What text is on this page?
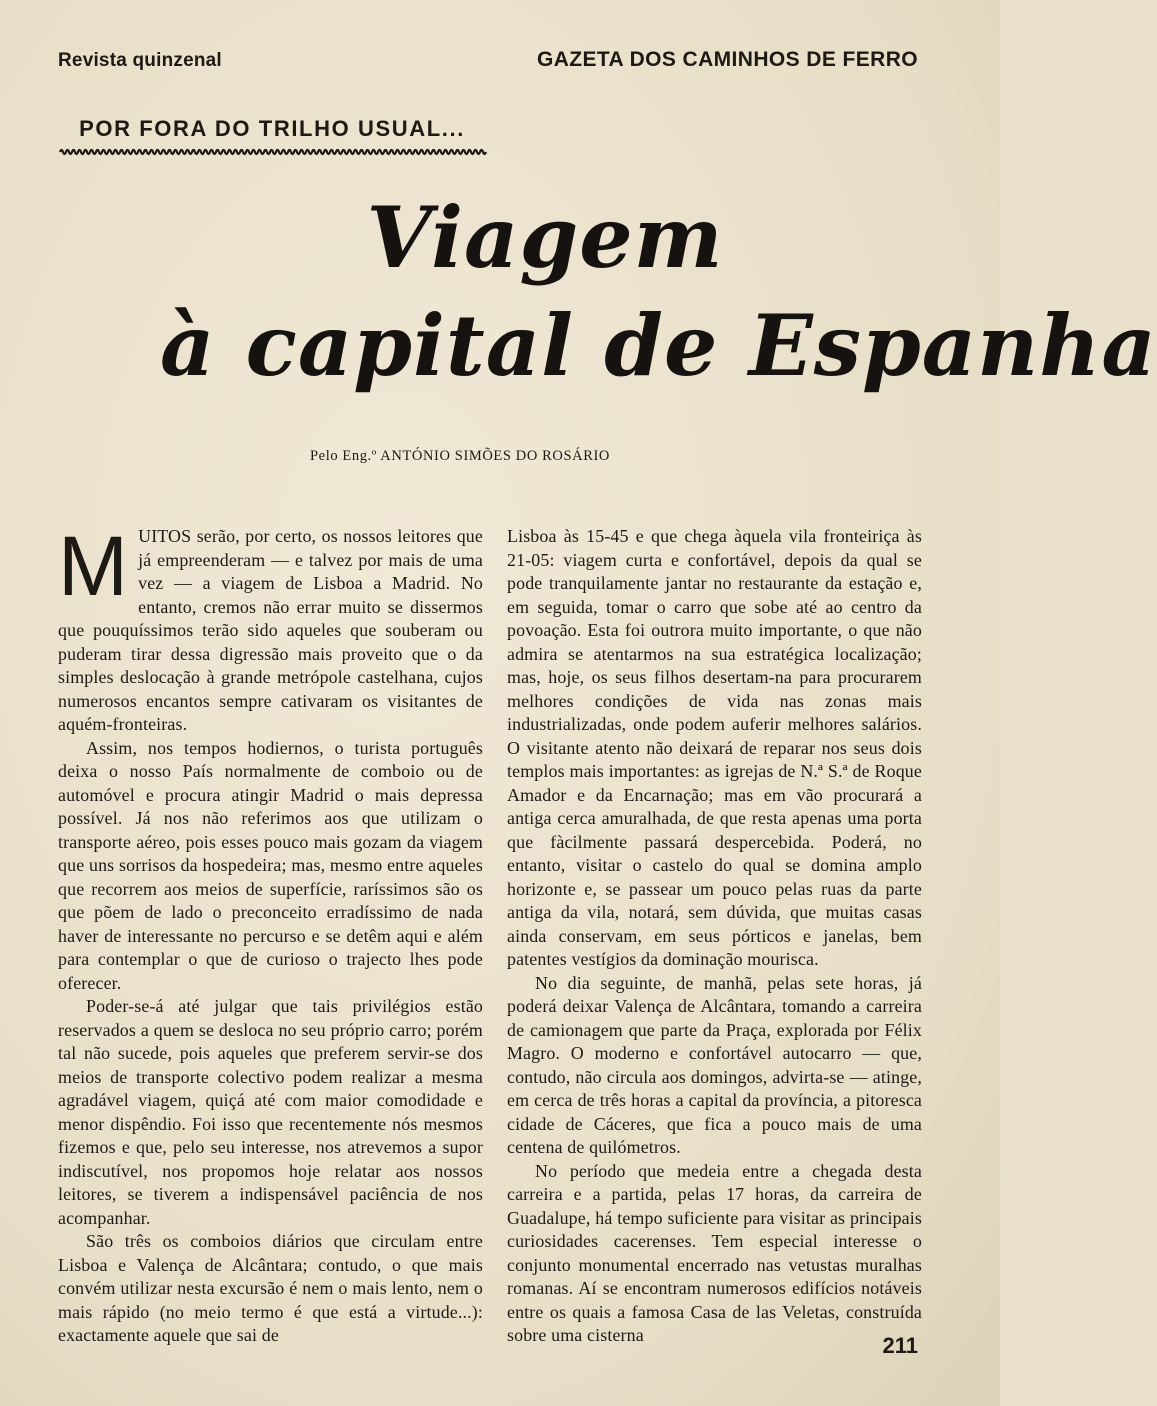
Revista quinzenal	GAZETA DOS CAMINHOS DE FERRO
POR FORA DO TRILHO USUAL...
Viagem
à capital de Espanha
Pelo Eng.º ANTÓNIO SIMÕES DO ROSÁRIO

MUITOS serão, por certo, os nossos leitores que já empreenderam — e talvez por mais de uma vez — a viagem de Lisboa a Madrid. No entanto, cremos não errar muito se dissermos que pouquíssimos terão sido aqueles que souberam ou puderam tirar dessa digressão mais proveito que o da simples deslocação à grande metrópole castelhana, cujos numerosos encantos sempre cativaram os visitantes de aquém-fronteiras.

Assim, nos tempos hodiernos, o turista português deixa o nosso País normalmente de comboio ou de automóvel e procura atingir Madrid o mais depressa possível. Já nos não referimos aos que utilizam o transporte aéreo, pois esses pouco mais gozam da viagem que uns sorrisos da hospedeira; mas, mesmo entre aqueles que recorrem aos meios de superfície, raríssimos são os que põem de lado o preconceito erradíssimo de nada haver de interessante no percurso e se detêm aqui e além para contemplar o que de curioso o trajecto lhes pode oferecer.

Poder-se-á até julgar que tais privilégios estão reservados a quem se desloca no seu próprio carro; porém tal não sucede, pois aqueles que preferem servir-se dos meios de transporte colectivo podem realizar a mesma agradável viagem, quiçá até com maior comodidade e menor dispêndio. Foi isso que recentemente nós mesmos fizemos e que, pelo seu interesse, nos atrevemos a supor indiscutível, nos propomos hoje relatar aos nossos leitores, se tiverem a indispensável paciência de nos acompanhar.

São três os comboios diários que circulam entre Lisboa e Valença de Alcântara; contudo, o que mais convém utilizar nesta excursão é nem o mais lento, nem o mais rápido (no meio termo é que está a virtude...): exactamente aquele que sai de

Lisboa às 15-45 e que chega àquela vila fronteiriça às 21-05: viagem curta e confortável, depois da qual se pode tranquilamente jantar no restaurante da estação e, em seguida, tomar o carro que sobe até ao centro da povoação. Esta foi outrora muito importante, o que não admira se atentarmos na sua estratégica localização; mas, hoje, os seus filhos desertam-na para procurarem melhores condições de vida nas zonas mais industrializadas, onde podem auferir melhores salários. O visitante atento não deixará de reparar nos seus dois templos mais importantes: as igrejas de N.ª S.ª de Roque Amador e da Encarnação; mas em vão procurará a antiga cerca amuralhada, de que resta apenas uma porta que fàcilmente passará despercebida. Poderá, no entanto, visitar o castelo do qual se domina amplo horizonte e, se passear um pouco pelas ruas da parte antiga da vila, notará, sem dúvida, que muitas casas ainda conservam, em seus pórticos e janelas, bem patentes vestígios da dominação mourisca.

No dia seguinte, de manhã, pelas sete horas, já poderá deixar Valença de Alcântara, tomando a carreira de camionagem que parte da Praça, explorada por Félix Magro. O moderno e confortável autocarro — que, contudo, não circula aos domingos, advirta-se — atinge, em cerca de três horas a capital da província, a pitoresca cidade de Cáceres, que fica a pouco mais de uma centena de quilómetros.

No período que medeia entre a chegada desta carreira e a partida, pelas 17 horas, da carreira de Guadalupe, há tempo suficiente para visitar as principais curiosidades cacerenses. Tem especial interesse o conjunto monumental encerrado nas vetustas muralhas romanas. Aí se encontram numerosos edifícios notáveis entre os quais a famosa Casa de las Veletas, construída sobre uma cisterna	211
